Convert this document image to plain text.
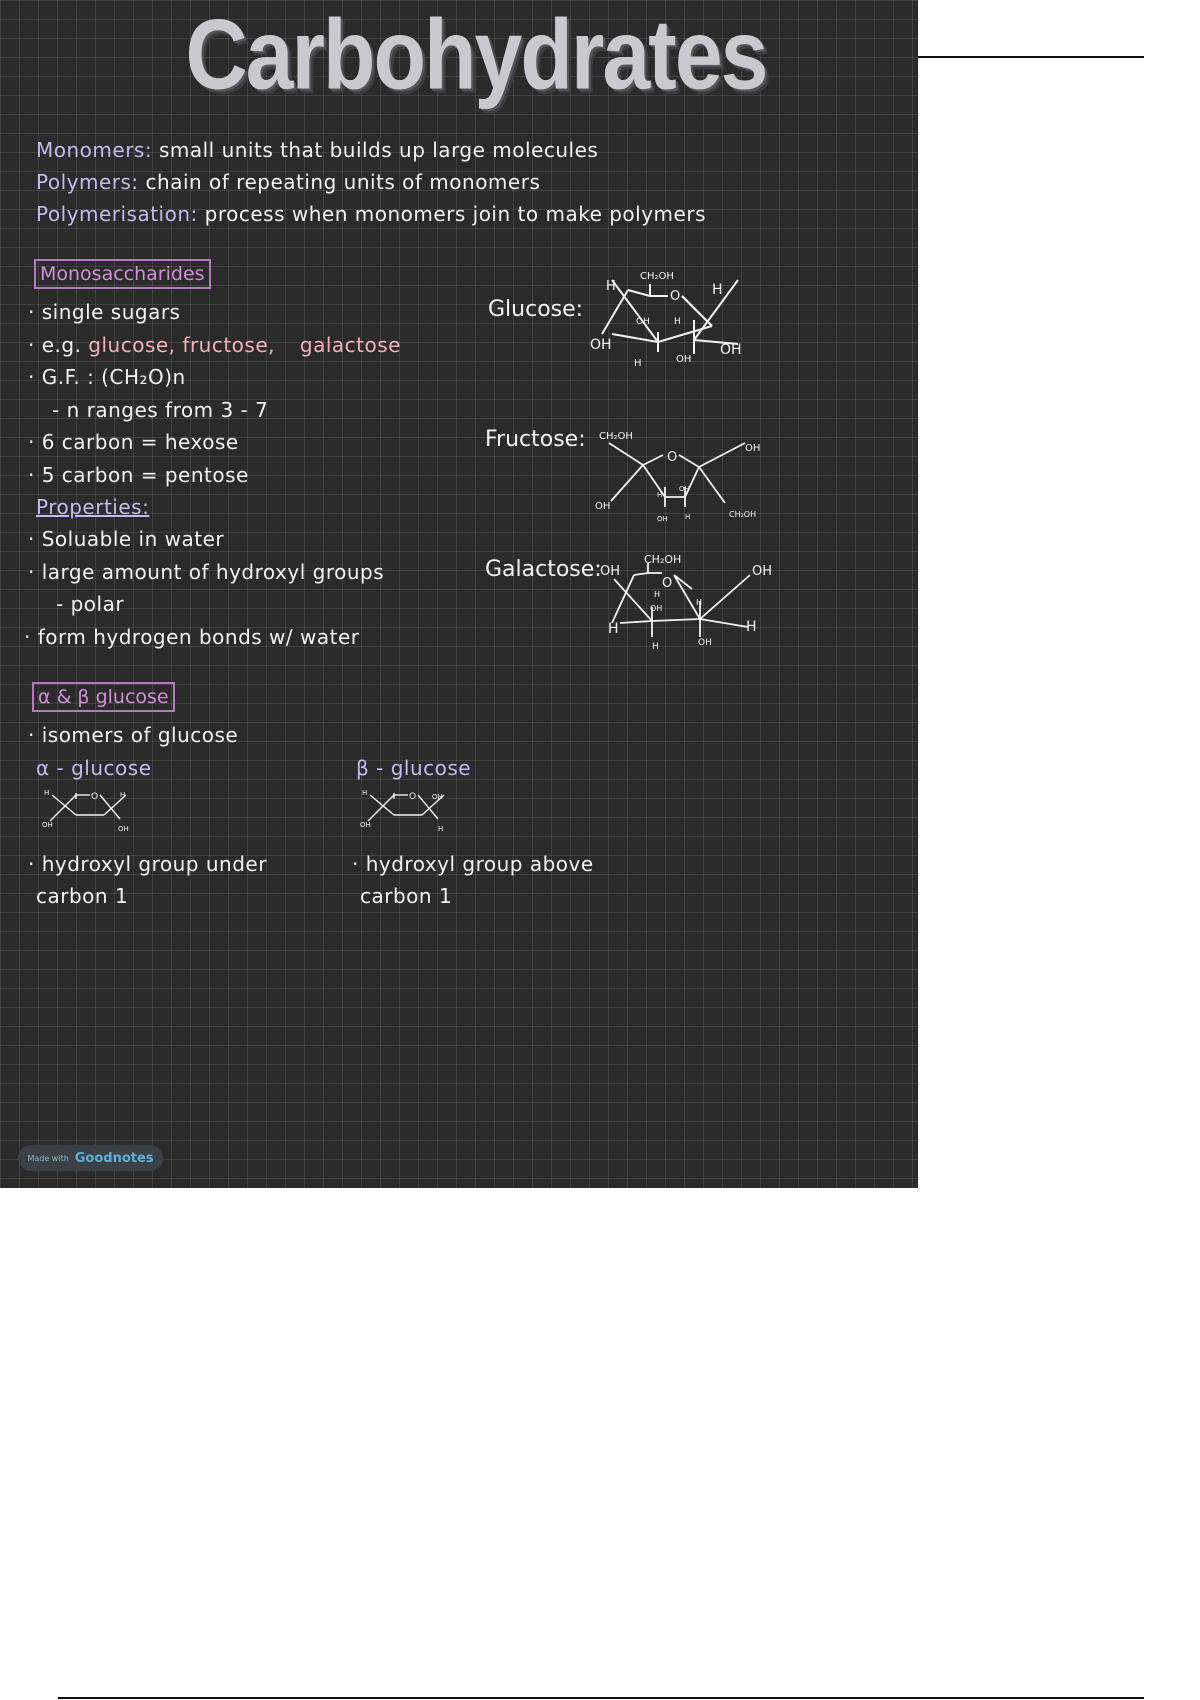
Carbohydrates
Monomers: small units that builds up large molecules
Polymers: chain of repeating units of monomers
Polymerisation: process when monomers join to make polymers
Monosaccharides
· single sugars
· e.g. glucose, fructose, galactose
· G.F. : (CH₂O)n
- n ranges from 3 - 7
· 6 carbon = hexose
· 5 carbon = pentose
Properties:
· Soluable in water
· large amount of hydroxyl groups
- polar
· form hydrogen bonds w/ water
Glucose:
Fructose:
Galactose:
CH₂OH
O
H	H
OH	OH
OH	H
H	OH
CH₂OH
O
OH
OH
H
OH
OH H	CH₂OH
OH
CH₂OH
O
OH
H	H
H
OH
H
H	OH
α & β glucose
· isomers of glucose
α - glucose	β - glucose
H	O	H
OH	OH
H	O OH
OH	H
· hydroxyl group under
carbon 1
· hydroxyl group above
carbon 1
Made with Goodnotes
